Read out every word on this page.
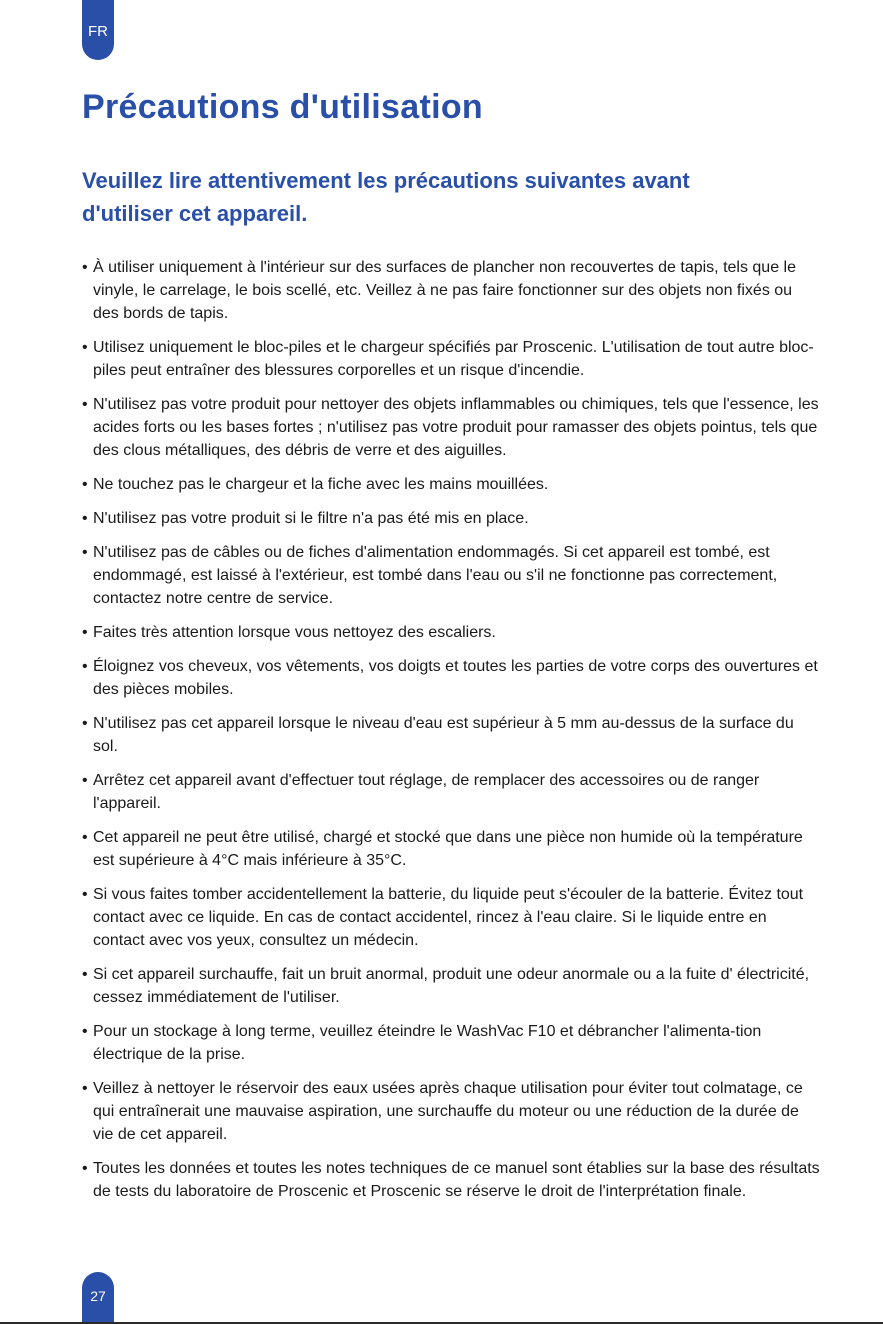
FR
Précautions d'utilisation
Veuillez lire attentivement les précautions suivantes avant d'utiliser cet appareil.
• À utiliser uniquement à l'intérieur sur des surfaces de plancher non recouvertes de tapis, tels que le vinyle, le carrelage, le bois scellé, etc. Veillez à ne pas faire fonctionner sur des objets non fixés ou des bords de tapis.
• Utilisez uniquement le bloc-piles et le chargeur spécifiés par Proscenic. L'utilisation de tout autre bloc-piles peut entraîner des blessures corporelles et un risque d'incendie.
• N'utilisez pas votre produit pour nettoyer des objets inflammables ou chimiques, tels que l'essence, les acides forts ou les bases fortes ; n'utilisez pas votre produit pour ramasser des objets pointus, tels que des clous métalliques, des débris de verre et des aiguilles.
• Ne touchez pas le chargeur et la fiche avec les mains mouillées.
• N'utilisez pas votre produit si le filtre n'a pas été mis en place.
• N'utilisez pas de câbles ou de fiches d'alimentation endommagés. Si cet appareil est tombé, est endommagé, est laissé à l'extérieur, est tombé dans l'eau ou s'il ne fonctionne pas correctement, contactez notre centre de service.
• Faites très attention lorsque vous nettoyez des escaliers.
• Éloignez vos cheveux, vos vêtements, vos doigts et toutes les parties de votre corps des ouvertures et des pièces mobiles.
• N'utilisez pas cet appareil lorsque le niveau d'eau est supérieur à 5 mm au-dessus de la surface du sol.
• Arrêtez cet appareil avant d'effectuer tout réglage, de remplacer des accessoires ou de ranger l'appareil.
• Cet appareil ne peut être utilisé, chargé et stocké que dans une pièce non humide où la température est supérieure à 4°C mais inférieure à 35°C.
• Si vous faites tomber accidentellement la batterie, du liquide peut s'écouler de la batterie. Évitez tout contact avec ce liquide. En cas de contact accidentel, rincez à l'eau claire. Si le liquide entre en contact avec vos yeux, consultez un médecin.
• Si cet appareil surchauffe, fait un bruit anormal, produit une odeur anormale ou a la fuite d' électricité, cessez immédiatement de l'utiliser.
• Pour un stockage à long terme, veuillez éteindre le WashVac F10 et débrancher l'alimenta-tion électrique de la prise.
• Veillez à nettoyer le réservoir des eaux usées après chaque utilisation pour éviter tout colmatage, ce qui entraînerait une mauvaise aspiration, une surchauffe du moteur ou une réduction de la durée de vie de cet appareil.
• Toutes les données et toutes les notes techniques de ce manuel sont établies sur la base des résultats de tests du laboratoire de Proscenic et Proscenic se réserve le droit de l'interprétation finale.
27
